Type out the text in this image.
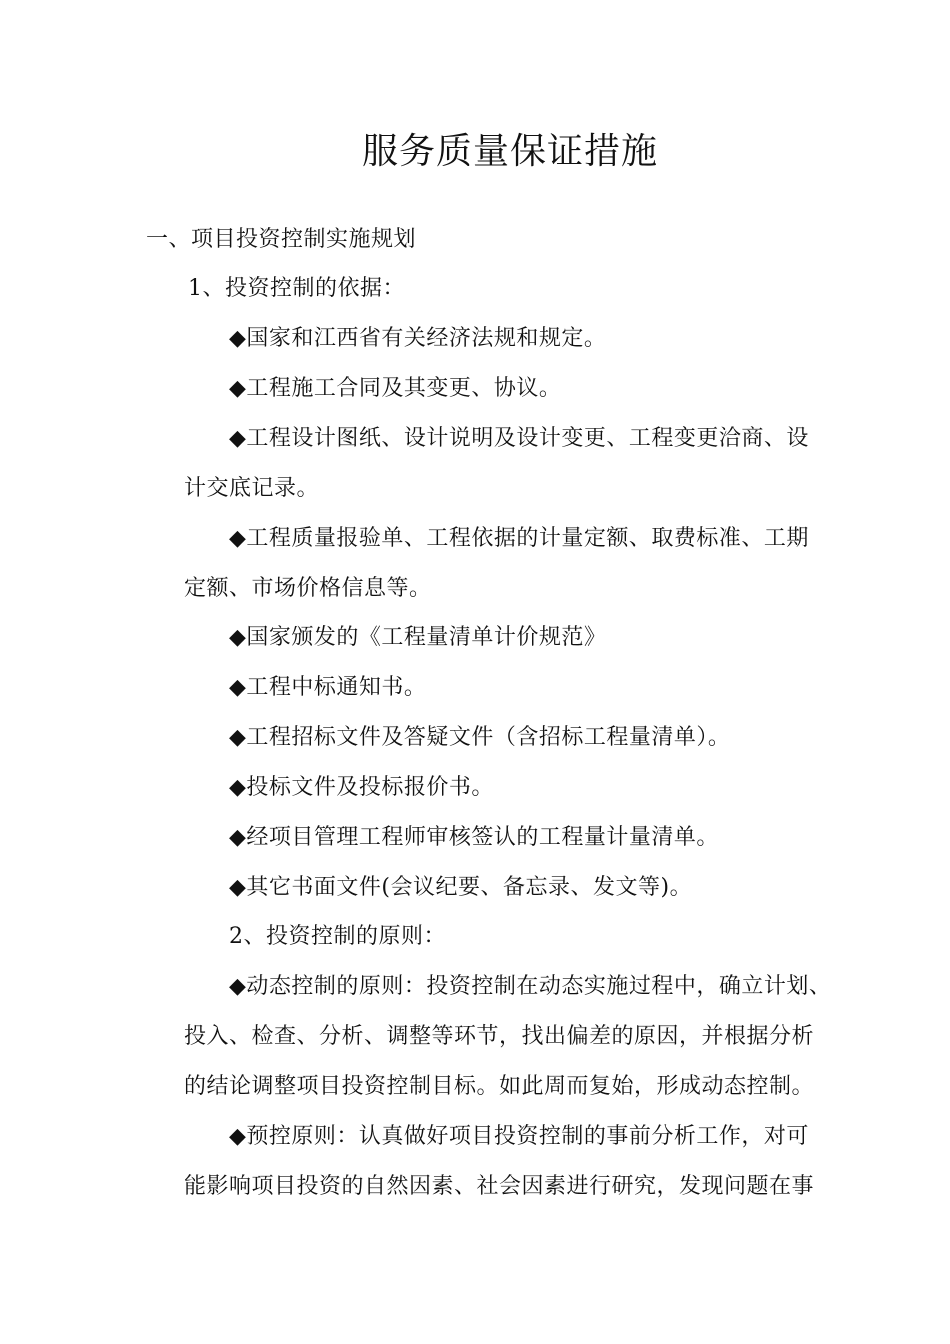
服务质量保证措施
一、项目投资控制实施规划
1、投资控制的依据：
◆国家和江西省有关经济法规和规定。
◆工程施工合同及其变更、协议。
◆工程设计图纸、设计说明及设计变更、工程变更洽商、设
计交底记录。
◆工程质量报验单、工程依据的计量定额、取费标准、工期
定额、市场价格信息等。
◆国家颁发的《工程量清单计价规范》
◆工程中标通知书。
◆工程招标文件及答疑文件（含招标工程量清单）。
◆投标文件及投标报价书。
◆经项目管理工程师审核签认的工程量计量清单。
◆其它书面文件(会议纪要、备忘录、发文等)。
2、投资控制的原则：
◆动态控制的原则：投资控制在动态实施过程中，确立计划、
投入、检查、分析、调整等环节，找出偏差的原因，并根据分析
的结论调整项目投资控制目标。如此周而复始，形成动态控制。
◆预控原则：认真做好项目投资控制的事前分析工作，对可
能影响项目投资的自然因素、社会因素进行研究，发现问题在事
